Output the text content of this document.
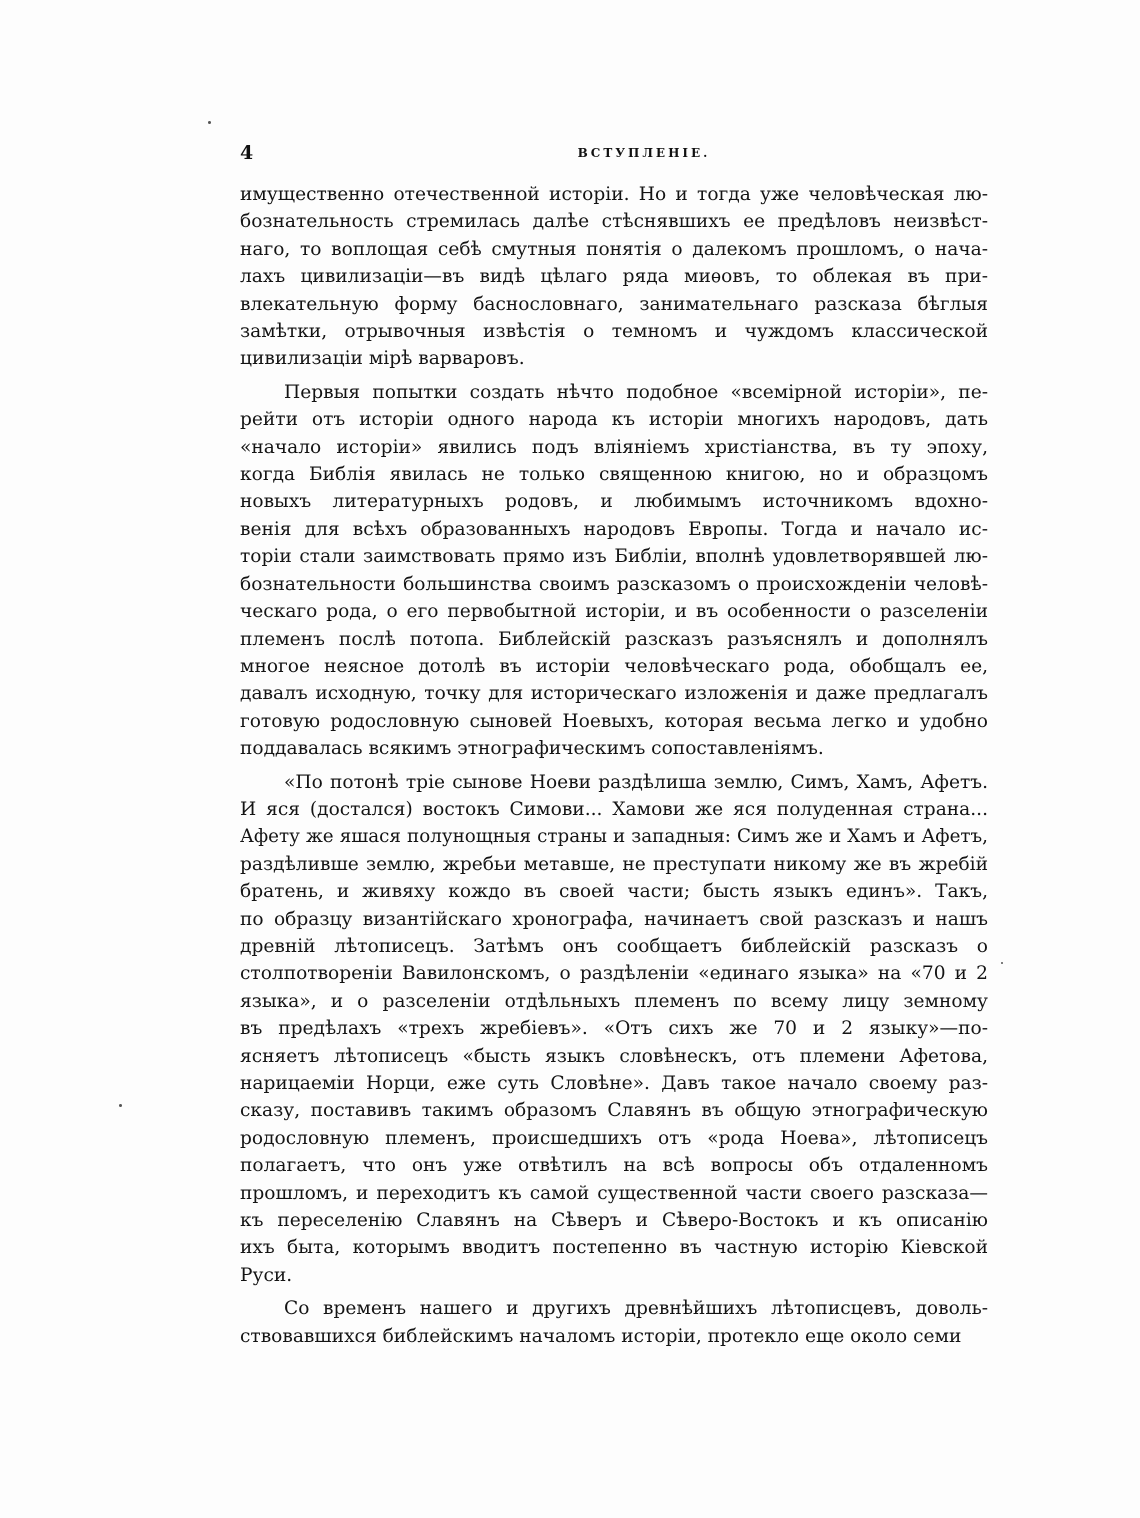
4	ВСТУПЛЕНІЕ.
имущественно отечественной исторіи. Но и тогда уже человѣческая лю-
бознательность стремилась далѣе стѣснявшихъ ее предѣловъ неизвѣст-
наго, то воплощая себѣ смутныя понятія о далекомъ прошломъ, о нача-
лахъ цивилизаціи—въ видѣ цѣлаго ряда миѳовъ, то облекая въ при-
влекательную форму баснословнаго, занимательнаго разсказа бѣглыя
замѣтки, отрывочныя извѣстія о темномъ и чуждомъ классической
цивилизаціи мірѣ варваровъ.
Первыя попытки создать нѣчто подобное «всемірной исторіи», пе-
рейти отъ исторіи одного народа къ исторіи многихъ народовъ, дать
«начало исторіи» явились подъ вліяніемъ христіанства, въ ту эпоху,
когда Библія явилась не только священною книгою, но и образцомъ
новыхъ литературныхъ родовъ, и любимымъ источникомъ вдохно-
венія для всѣхъ образованныхъ народовъ Европы. Тогда и начало ис-
торіи стали заимствовать прямо изъ Библіи, вполнѣ удовлетворявшей лю-
бознательности большинства своимъ разсказомъ о происхожденіи человѣ-
ческаго рода, о его первобытной исторіи, и въ особенности о разселеніи
племенъ послѣ потопа. Библейскій разсказъ разъяснялъ и дополнялъ
многое неясное дотолѣ въ исторіи человѣческаго рода, обобщалъ ее,
давалъ исходную, точку для историческаго изложенія и даже предлагалъ
готовую родословную сыновей Ноевыхъ, которая весьма легко и удобно
поддавалась всякимъ этнографическимъ сопоставленіямъ.
«По потонѣ тріе сынове Ноеви раздѣлиша землю, Симъ, Хамъ, Афетъ.
И яся (достался) востокъ Симови... Хамови же яся полуденная страна...
Афету же яшася полунощныя страны и западныя: Симъ же и Хамъ и Афетъ,
раздѣливше землю, жребьи метавше, не преступати никому же въ жребій
братень, и живяху кождо въ своей части; бысть языкъ единъ». Такъ,
по образцу византійскаго хронографа, начинаетъ свой разсказъ и нашъ
древній лѣтописецъ. Затѣмъ онъ сообщаетъ библейскій разсказъ о
столпотвореніи Вавилонскомъ, о раздѣленіи «единаго языка» на «70 и 2
языка», и о разселеніи отдѣльныхъ племенъ по всему лицу земному
въ предѣлахъ «трехъ жребіевъ». «Отъ сихъ же 70 и 2 языку»—по-
ясняетъ лѣтописецъ «бысть языкъ словѣнескъ, отъ племени Афетова,
нарицаеміи Норци, еже суть Словѣне». Давъ такое начало своему раз-
сказу, поставивъ такимъ образомъ Славянъ въ общую этнографическую
родословную племенъ, происшедшихъ отъ «рода Ноева», лѣтописецъ
полагаетъ, что онъ уже отвѣтилъ на всѣ вопросы объ отдаленномъ
прошломъ, и переходитъ къ самой существенной части своего разсказа—
къ переселенію Славянъ на Сѣверъ и Сѣверо-Востокъ и къ описанію
ихъ быта, которымъ вводитъ постепенно въ частную исторію Кіевской
Руси.
Со временъ нашего и другихъ древнѣйшихъ лѣтописцевъ, доволь-
ствовавшихся библейскимъ началомъ исторіи, протекло еще около семи
